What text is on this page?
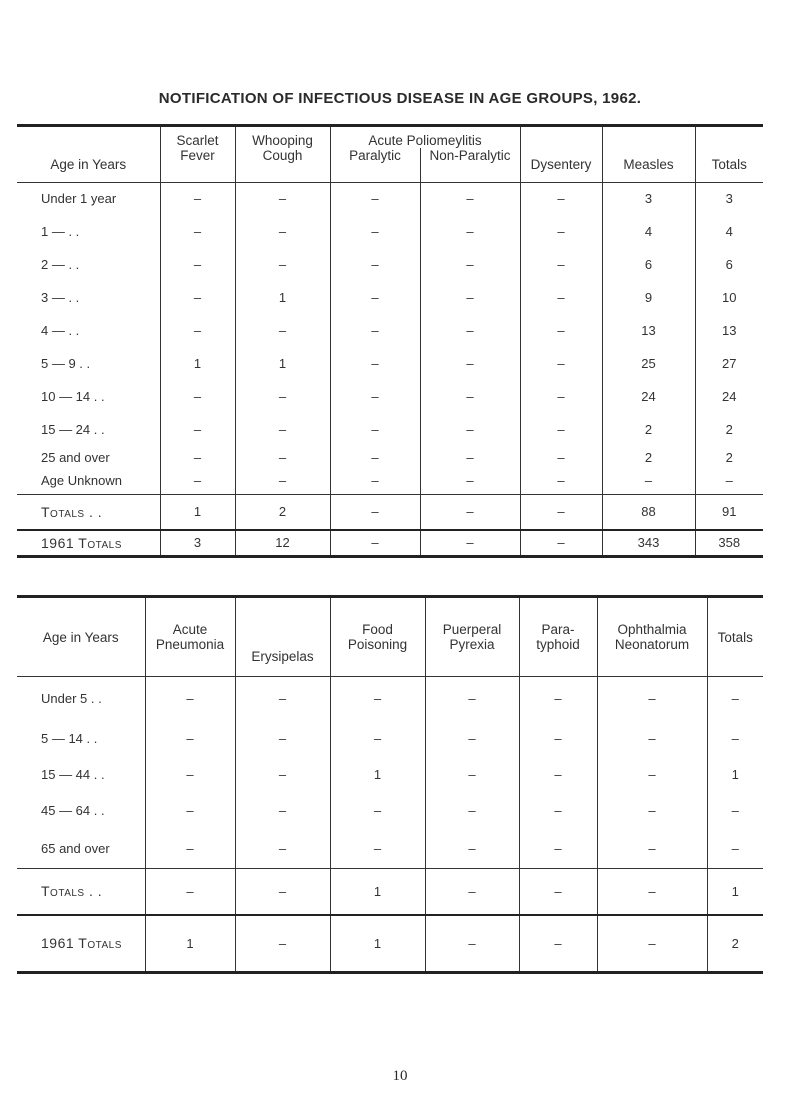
NOTIFICATION OF INFECTIOUS DISEASE IN AGE GROUPS, 1962.
Age in Years	Scarlet Fever	Whooping Cough	Acute Poliomeylitis		Dysentery	Measles	Totals
			Paralytic	Non-Paralytic			
Under 1 year	–	–	–	–	–	3	3
1 — . .	–	–	–	–	–	4	4
2 — . .	–	–	–	–	–	6	6
3 — . .	–	1	–	–	–	9	10
4 — . .	–	–	–	–	–	13	13
5 — 9 . .	1	1	–	–	–	25	27
10 — 14 . .	–	–	–	–	–	24	24
15 — 24 . .	–	–	–	–	–	2	2
25 and over	–	–	–	–	–	2	2
Age Unknown	–	–	–	–	–	–	–
Totals . .	1	2	–	–	–	88	91
1961 Totals	3	12	–	–	–	343	358
Age in Years	Acute Pneumonia	Erysipelas	Food Poisoning	Puerperal Pyrexia	Para- typhoid	Ophthalmia Neonatorum	Totals
Under 5 . .	–	–	–	–	–	–	–
5 — 14 . .	–	–	–	–	–	–	–
15 — 44 . .	–	–	1	–	–	–	1
45 — 64 . .	–	–	–	–	–	–	–
65 and over	–	–	–	–	–	–	–
Totals . .	–	–	1	–	–	–	1
1961 Totals	1	–	1	–	–	–	2
10
